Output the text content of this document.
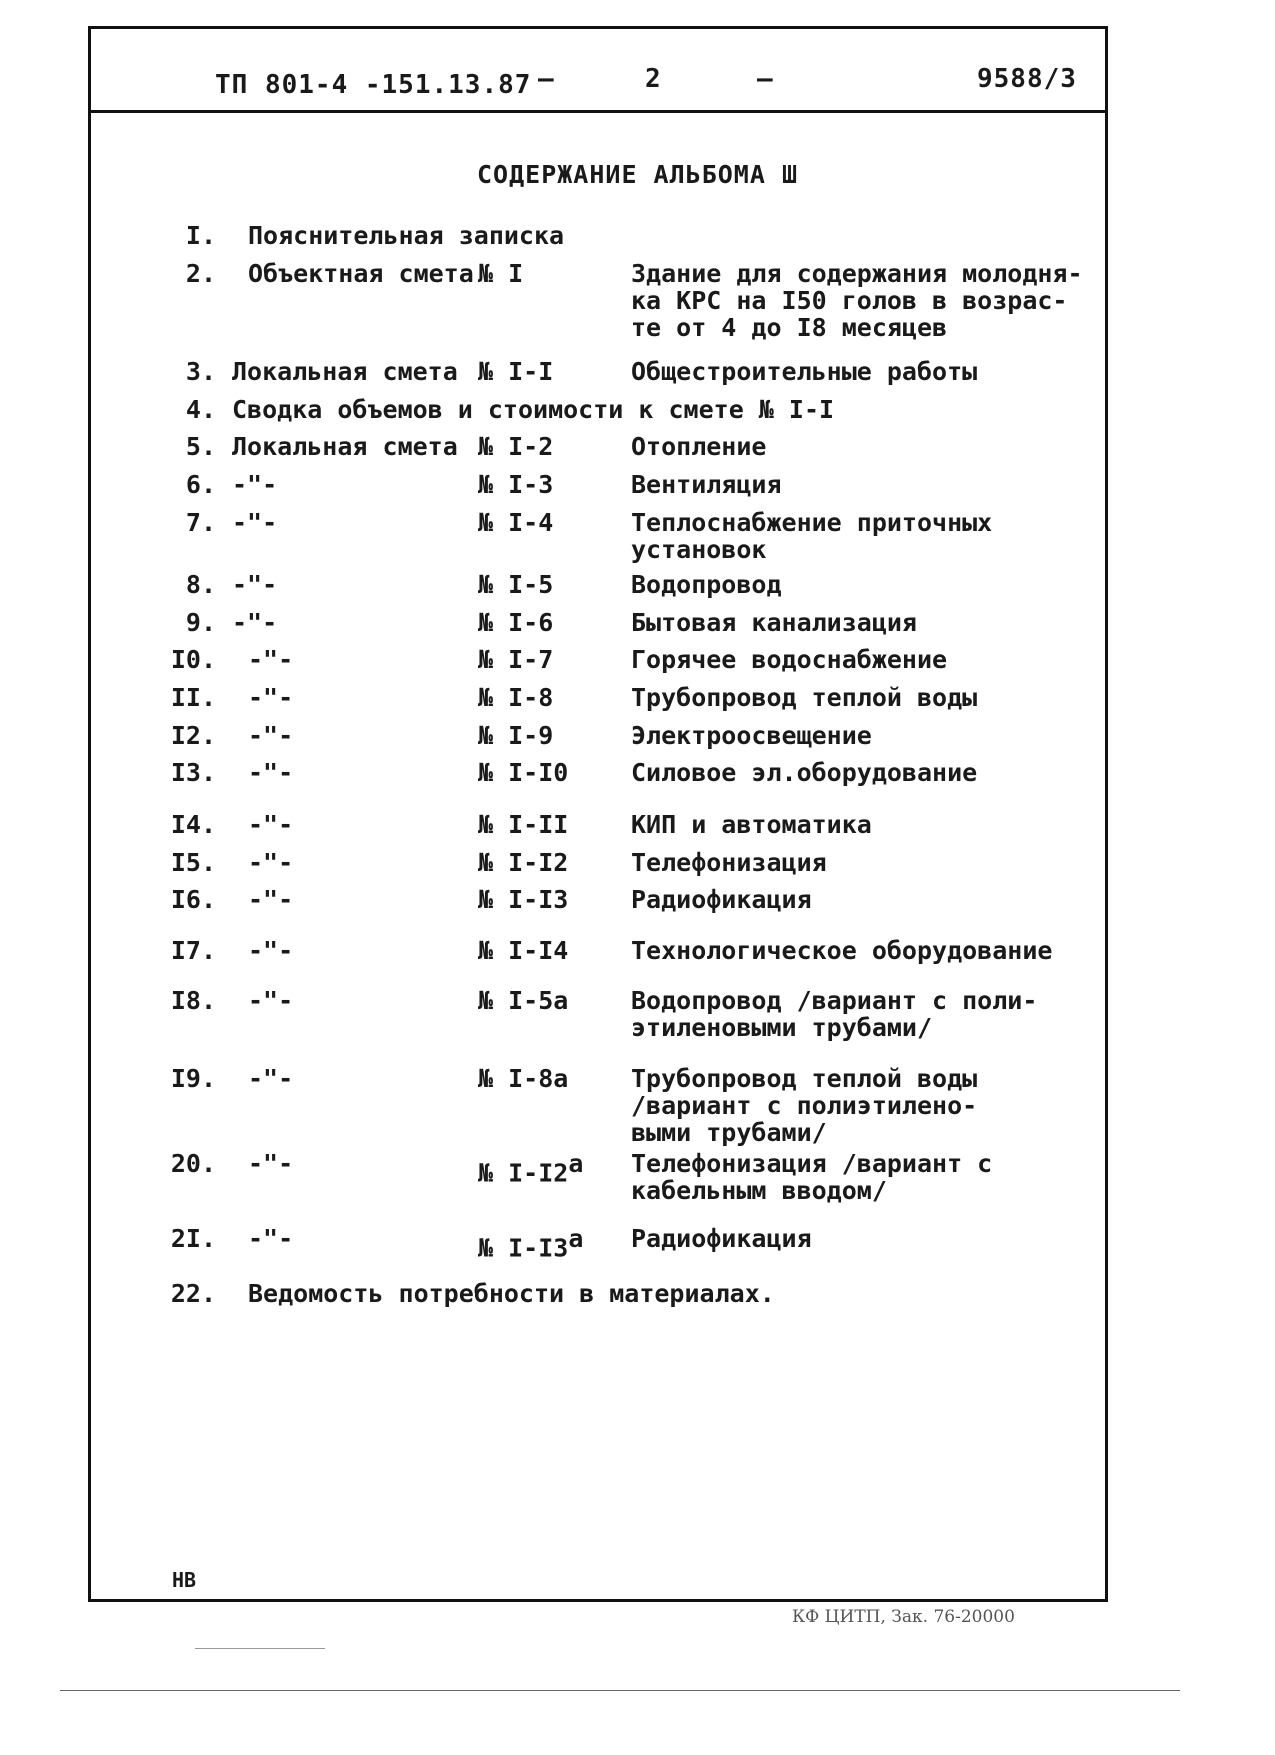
ТП 801-4 -151.13.87 –	2	–	9588/3
СОДЕРЖАНИЕ АЛЬБОМА Ш
I. Пояснительная записка
2. Объектная смета № I	Здание для содержания молодня-
ка КРС на I50 голов в возрас-
те от 4 до I8 месяцев
3. Локальная смета № I-I	Общестроительные работы
4. Сводка объемов и стоимости к смете № I-I
5. Локальная смета № I-2	Отопление
6. -"-	№ I-3	Вентиляция
7. -"-	№ I-4	Теплоснабжение приточных
установок
8. -"-	№ I-5	Водопровод
9. -"-	№ I-6	Бытовая канализация
I0. -"-	№ I-7	Горячее водоснабжение
II. -"-	№ I-8	Трубопровод теплой воды
I2. -"-	№ I-9	Электроосвещение
I3. -"-	№ I-I0	Силовое эл.оборудование
I4. -"-	№ I-II	КИП и автоматика
I5. -"-	№ I-I2	Телефонизация
I6. -"-	№ I-I3	Радиофикация
I7. -"-	№ I-I4	Технологическое оборудование
I8. -"-	№ I-5а	Водопровод /вариант с поли-
этиленовыми трубами/
I9. -"-	№ I-8а	Трубопровод теплой воды
/вариант с полиэтилено-
выми трубами/
20. -"-	№ I-I2а Телефонизация /вариант с
кабельным вводом/
2I. -"-	№ I-I3а Радиофикация
22. Ведомость потребности в материалах.
НВ
КФ ЦИТП, Зак. 76-20000
